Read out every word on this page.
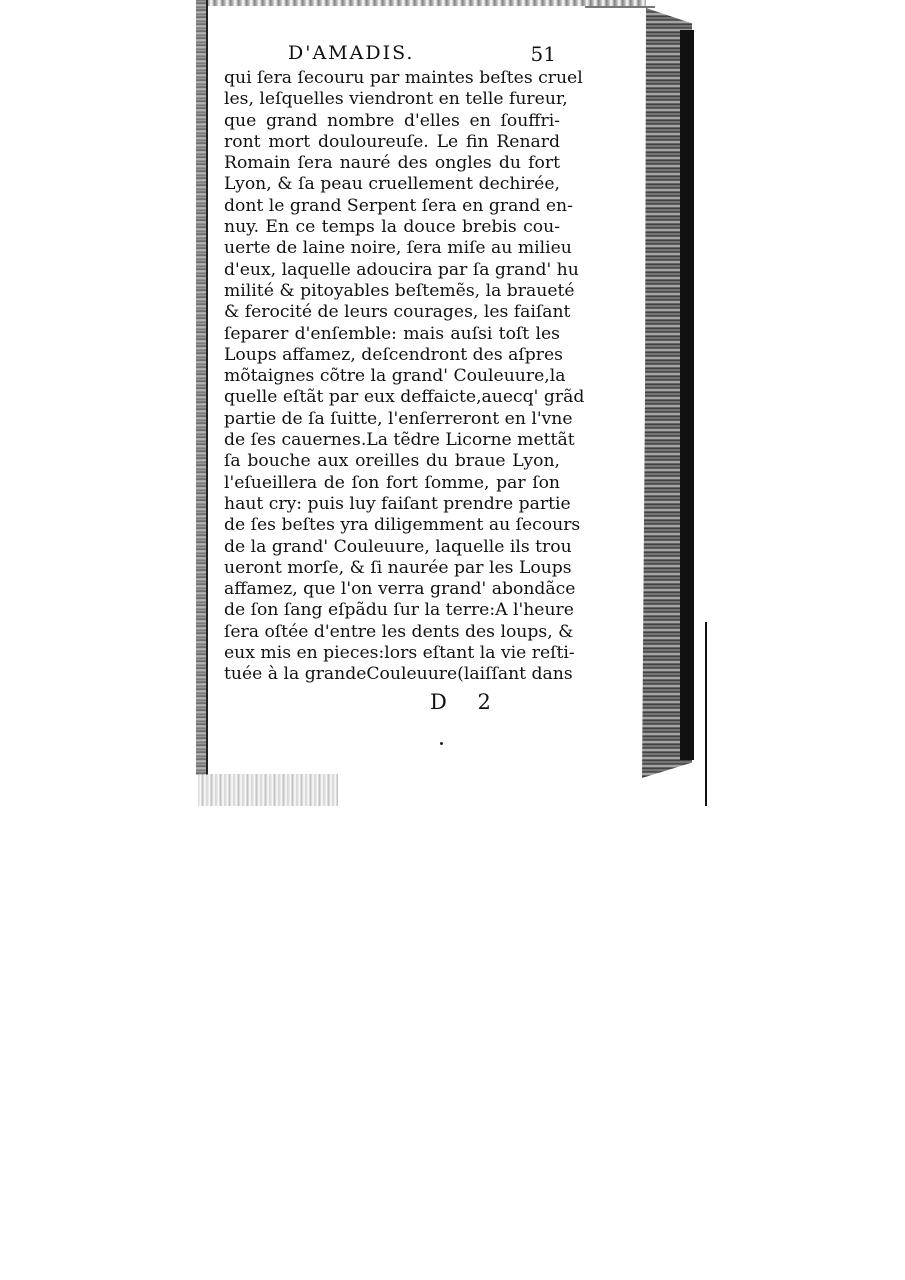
D'AMADIS.	51
qui ſera ſecouru par maintes beſtes cruel
les, leſquelles viendront en telle fureur,
que grand nombre d'elles en ſouffri-
ront mort douloureuſe. Le fin Renard
Romain ſera nauré des ongles du fort
Lyon, & ſa peau cruellement dechirée,
dont le grand Serpent ſera en grand en-
nuy. En ce temps la douce brebis cou-
uerte de laine noire, ſera miſe au milieu
d'eux, laquelle adoucira par ſa grand' hu
milité & pitoyables beſtemẽs, la braueté
& ferocité de leurs courages, les faiſant
ſeparer d'enſemble: mais auſsi toſt les
Loups affamez, deſcendront des aſpres
mõtaignes cõtre la grand' Couleuure,la
quelle eſtãt par eux deffaicte,auecq' grãd
partie de ſa ſuitte, l'enſerreront en l'vne
de ſes cauernes.La tẽdre Licorne mettãt
ſa bouche aux oreilles du braue Lyon,
l'eſueillera de ſon fort ſomme, par ſon
haut cry: puis luy faiſant prendre partie
de ſes beſtes yra diligemment au ſecours
de la grand' Couleuure, laquelle ils trou
ueront morſe, & ſi naurée par les Loups
affamez, que l'on verra grand' abondãce
de ſon ſang eſpãdu ſur la terre:A l'heure
ſera oſtée d'entre les dents des loups, &
eux mis en pieces:lors eſtant la vie reſti-
tuée à la grandeCouleuure(laiſſant dans
D 2
